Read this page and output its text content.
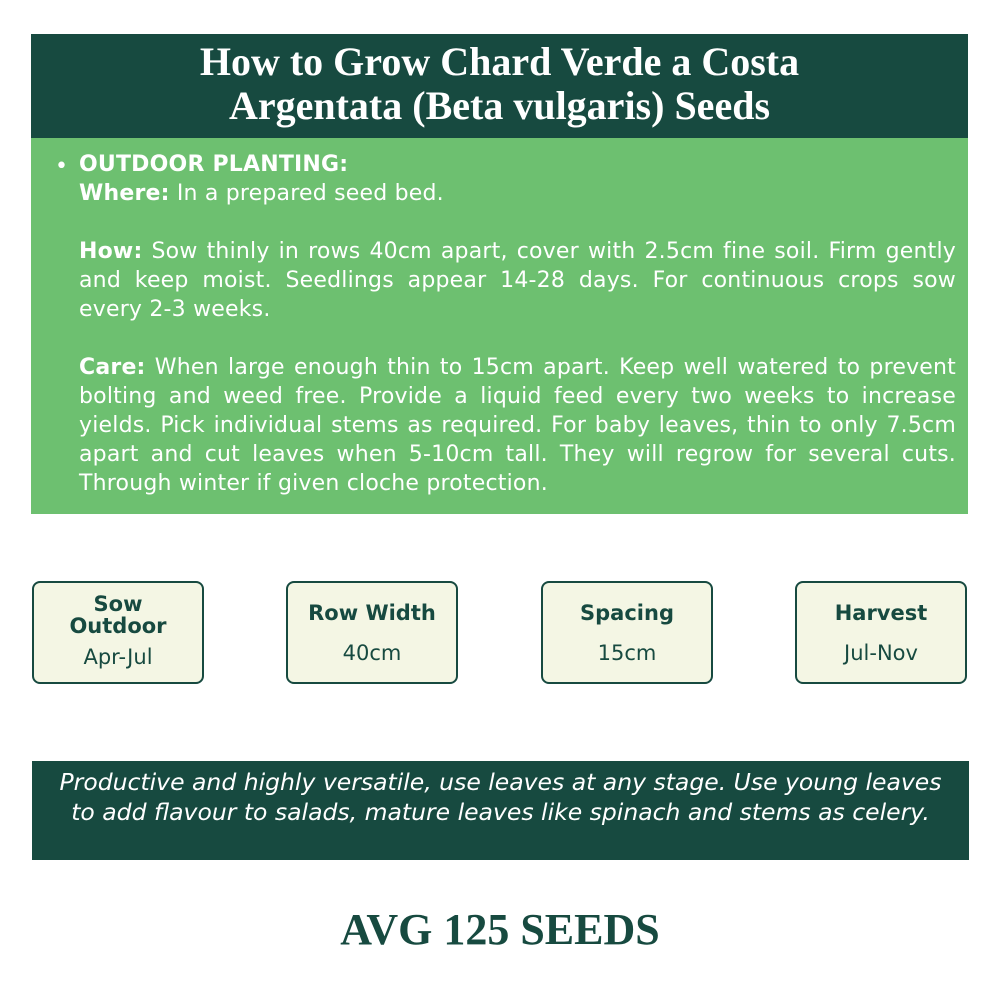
How to Grow Chard Verde a Costa
Argentata (Beta vulgaris) Seeds
• OUTDOOR PLANTING:
Where: In a prepared seed bed.

How: Sow thinly in rows 40cm apart, cover with 2.5cm fine soil. Firm gently and keep moist. Seedlings appear 14-28 days. For continuous crops sow every 2-3 weeks.

Care: When large enough thin to 15cm apart. Keep well watered to prevent bolting and weed free. Provide a liquid feed every two weeks to increase yields. Pick individual stems as required. For baby leaves, thin to only 7.5cm apart and cut leaves when 5-10cm tall. They will regrow for several cuts. Through winter if given cloche protection.

Sow
Outdoor
Apr-Jul
Row Width
40cm
Spacing
15cm
Harvest
Jul-Nov
Productive and highly versatile, use leaves at any stage. Use young leaves to add flavour to salads, mature leaves like spinach and stems as celery.
AVG 125 SEEDS
